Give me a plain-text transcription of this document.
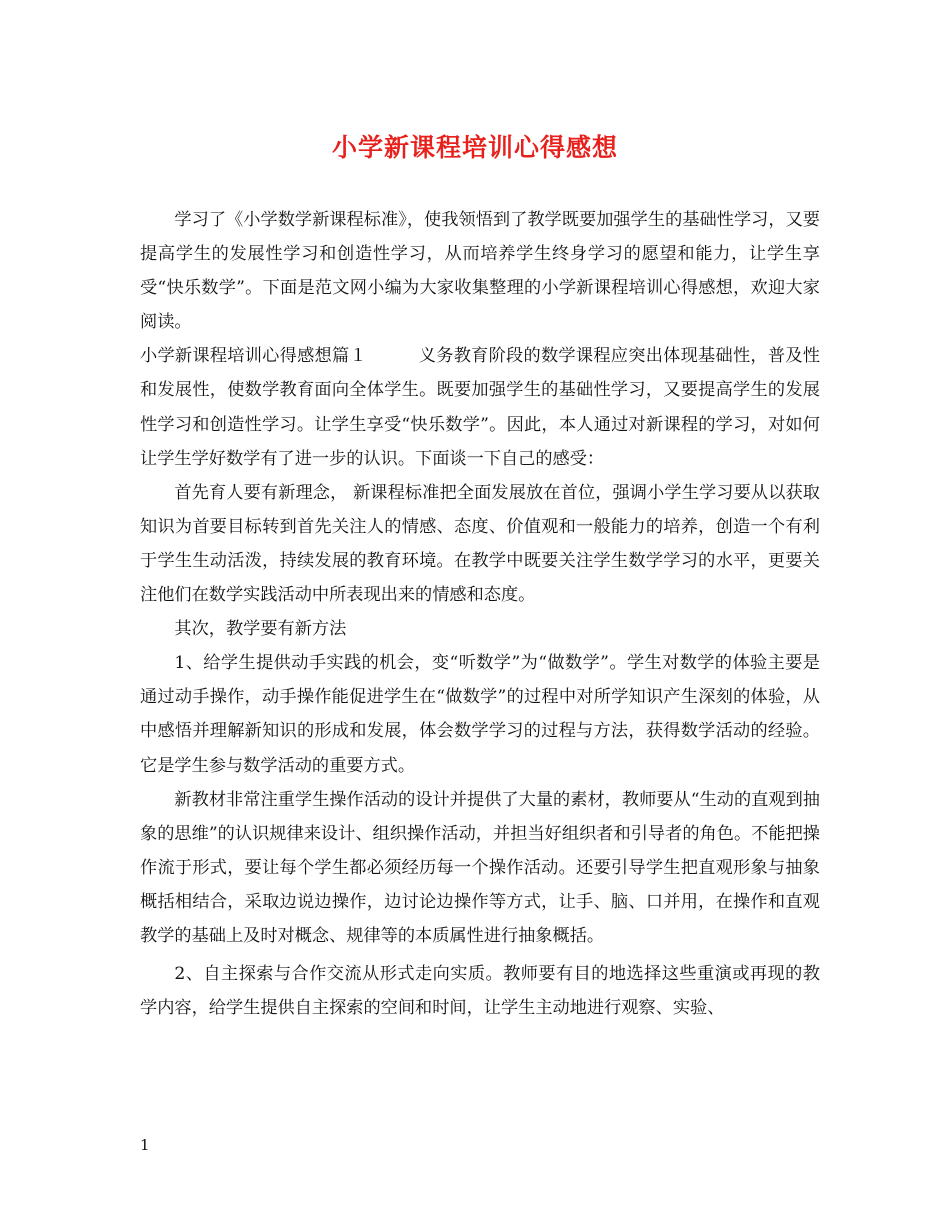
小学新课程培训心得感想

学习了《小学数学新课程标准》，使我领悟到了教学既要加强学生的基础性学习，又要提高学生的发展性学习和创造性学习，从而培养学生终身学习的愿望和能力，让学生享受“快乐数学”。下面是范文网小编为大家收集整理的小学新课程培训心得感想，欢迎大家阅读。

小学新课程培训心得感想篇１	义务教育阶段的数学课程应突出体现基础性，普及性和发展性，使数学教育面向全体学生。既要加强学生的基础性学习，又要提高学生的发展性学习和创造性学习。让学生享受“快乐数学”。因此，本人通过对新课程的学习，对如何让学生学好数学有了进一步的认识。下面谈一下自己的感受：

首先育人要有新理念， 新课程标准把全面发展放在首位，强调小学生学习要从以获取知识为首要目标转到首先关注人的情感、态度、价值观和一般能力的培养，创造一个有利于学生生动活泼，持续发展的教育环境。在教学中既要关注学生数学学习的水平，更要关注他们在数学实践活动中所表现出来的情感和态度。

其次，教学要有新方法

1、给学生提供动手实践的机会，变“听数学”为“做数学”。学生对数学的体验主要是通过动手操作，动手操作能促进学生在“做数学”的过程中对所学知识产生深刻的体验，从中感悟并理解新知识的形成和发展，体会数学学习的过程与方法，获得数学活动的经验。它是学生参与数学活动的重要方式。

新教材非常注重学生操作活动的设计并提供了大量的素材，教师要从“生动的直观到抽象的思维”的认识规律来设计、组织操作活动，并担当好组织者和引导者的角色。不能把操作流于形式，要让每个学生都必须经历每一个操作活动。还要引导学生把直观形象与抽象概括相结合，采取边说边操作，边讨论边操作等方式，让手、脑、口并用，在操作和直观教学的基础上及时对概念、规律等的本质属性进行抽象概括。

2、自主探索与合作交流从形式走向实质。教师要有目的地选择这些重演或再现的教学内容，给学生提供自主探索的空间和时间，让学生主动地进行观察、实验、

1
